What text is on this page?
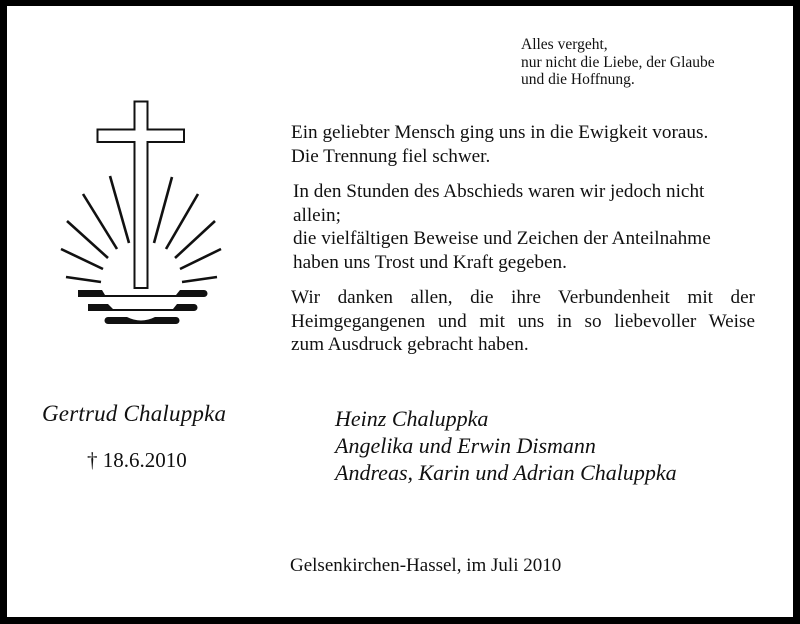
Alles vergeht,
nur nicht die Liebe, der Glaube
und die Hoffnung.
Ein geliebter Mensch ging uns in die Ewigkeit voraus.
Die Trennung fiel schwer.
In den Stunden des Abschieds waren wir jedoch nicht
allein;
die vielfältigen Beweise und Zeichen der Anteilnahme
haben uns Trost und Kraft gegeben.
Wir danken allen, die ihre Verbundenheit mit der
Heimgegangenen und mit uns in so liebevoller Weise
zum Ausdruck gebracht haben.
Gertrud Chaluppka
† 18.6.2010
Heinz Chaluppka
Angelika und Erwin Dismann
Andreas, Karin und Adrian Chaluppka
Gelsenkirchen-Hassel, im Juli 2010
